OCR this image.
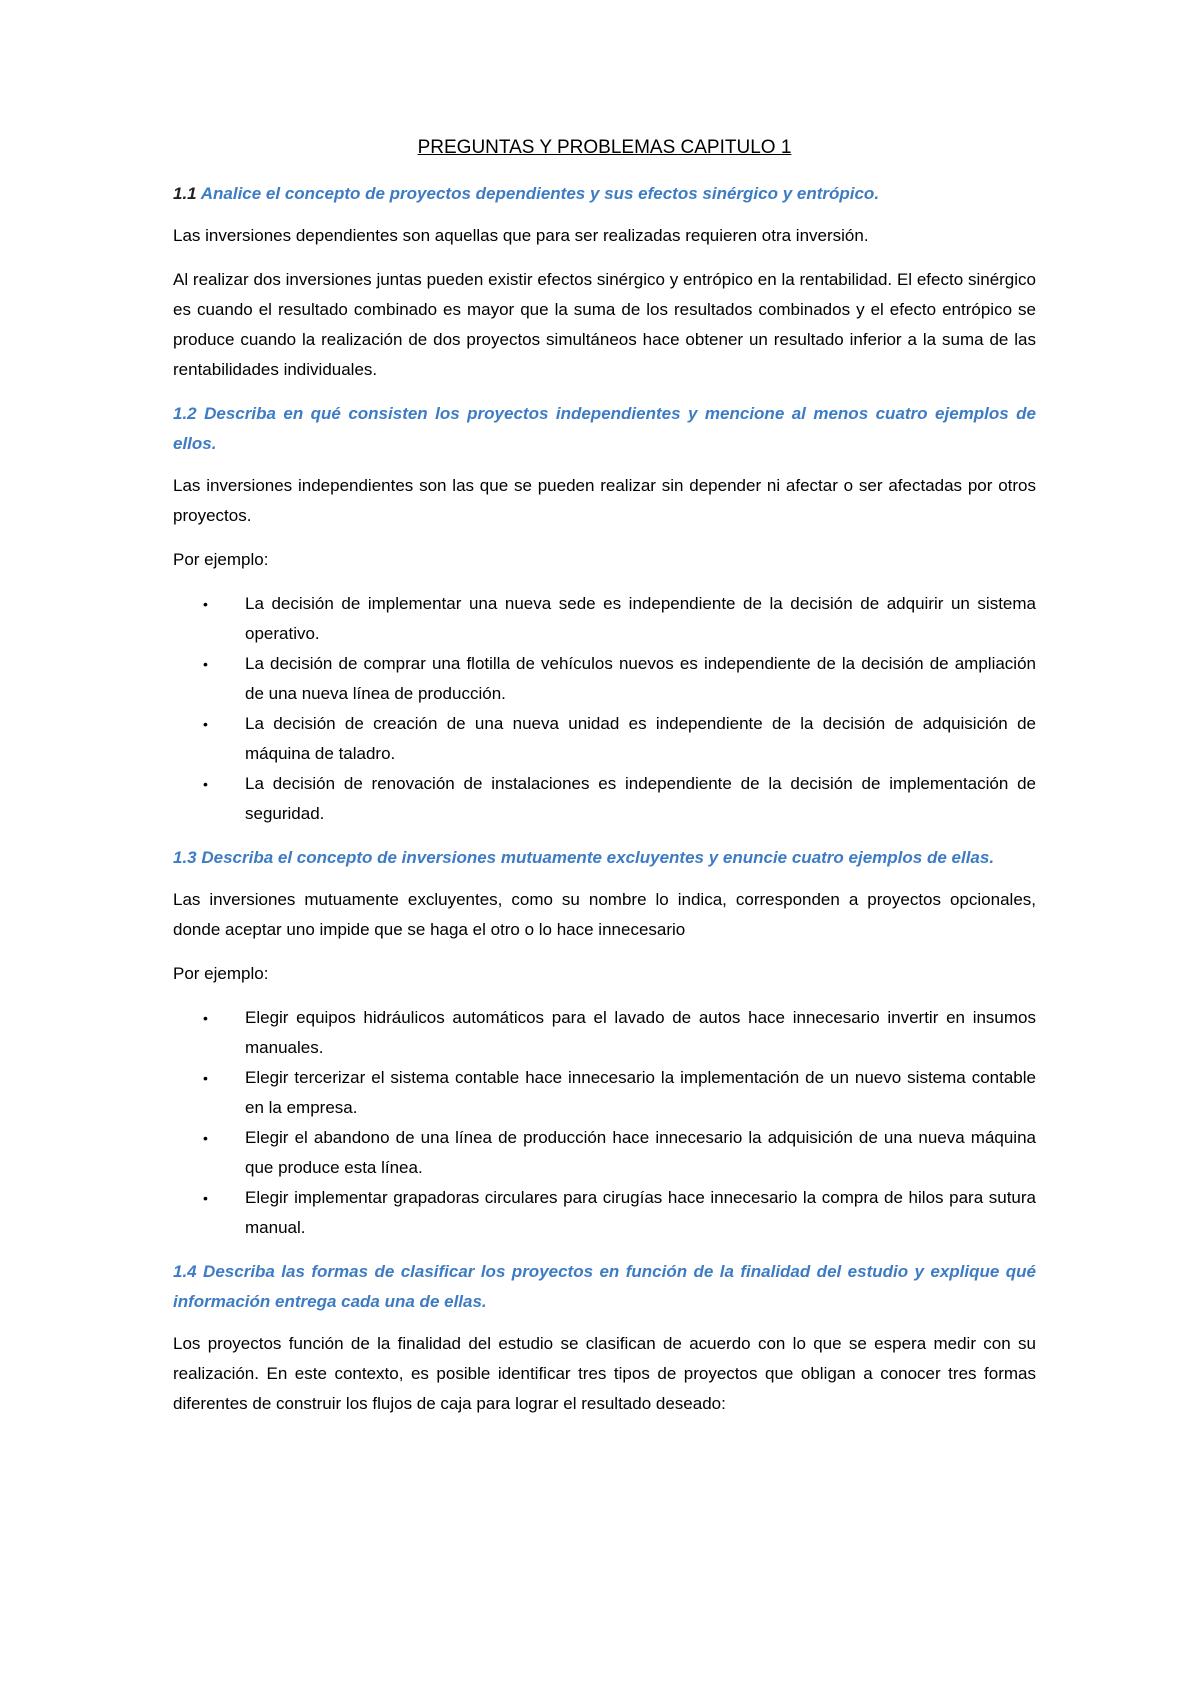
PREGUNTAS Y PROBLEMAS CAPITULO 1
1.1 Analice el concepto de proyectos dependientes y sus efectos sinérgico y entrópico.
Las inversiones dependientes son aquellas que para ser realizadas requieren otra inversión.
Al realizar dos inversiones juntas pueden existir efectos sinérgico y entrópico en la rentabilidad. El efecto sinérgico es cuando el resultado combinado es mayor que la suma de los resultados combinados y el efecto entrópico se produce cuando la realización de dos proyectos simultáneos hace obtener un resultado inferior a la suma de las rentabilidades individuales.
1.2 Describa en qué consisten los proyectos independientes y mencione al menos cuatro ejemplos de ellos.
Las inversiones independientes son las que se pueden realizar sin depender ni afectar o ser afectadas por otros proyectos.
Por ejemplo:
• La decisión de implementar una nueva sede es independiente de la decisión de adquirir un sistema operativo.
• La decisión de comprar una flotilla de vehículos nuevos es independiente de la decisión de ampliación de una nueva línea de producción.
• La decisión de creación de una nueva unidad es independiente de la decisión de adquisición de máquina de taladro.
• La decisión de renovación de instalaciones es independiente de la decisión de implementación de seguridad.
1.3 Describa el concepto de inversiones mutuamente excluyentes y enuncie cuatro ejemplos de ellas.
Las inversiones mutuamente excluyentes, como su nombre lo indica, corresponden a proyectos opcionales, donde aceptar uno impide que se haga el otro o lo hace innecesario
Por ejemplo:
• Elegir equipos hidráulicos automáticos para el lavado de autos hace innecesario invertir en insumos manuales.
• Elegir tercerizar el sistema contable hace innecesario la implementación de un nuevo sistema contable en la empresa.
• Elegir el abandono de una línea de producción hace innecesario la adquisición de una nueva máquina que produce esta línea.
• Elegir implementar grapadoras circulares para cirugías hace innecesario la compra de hilos para sutura manual.
1.4 Describa las formas de clasificar los proyectos en función de la finalidad del estudio y explique qué información entrega cada una de ellas.
Los proyectos función de la finalidad del estudio se clasifican de acuerdo con lo que se espera medir con su realización. En este contexto, es posible identificar tres tipos de proyectos que obligan a conocer tres formas diferentes de construir los flujos de caja para lograr el resultado deseado:
